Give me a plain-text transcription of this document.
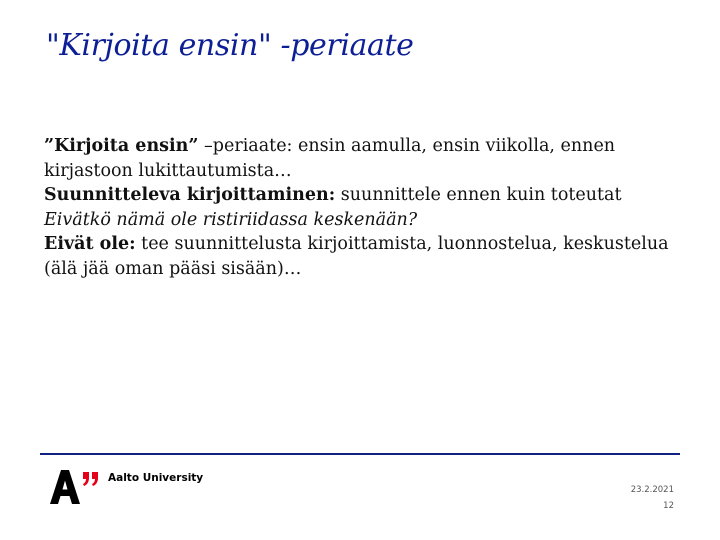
"Kirjoita ensin" -periaate

”Kirjoita ensin” –periaate: ensin aamulla, ensin viikolla, ennen kirjastoon lukittautumista…

Suunnitteleva kirjoittaminen: suunnittele ennen kuin toteutat

Eivätkö nämä ole ristiriidassa keskenään?

Eivät ole: tee suunnittelusta kirjoittamista, luonnostelua, keskustelua (älä jää oman pääsi sisään)…

Aalto University
23.2.2021
12
